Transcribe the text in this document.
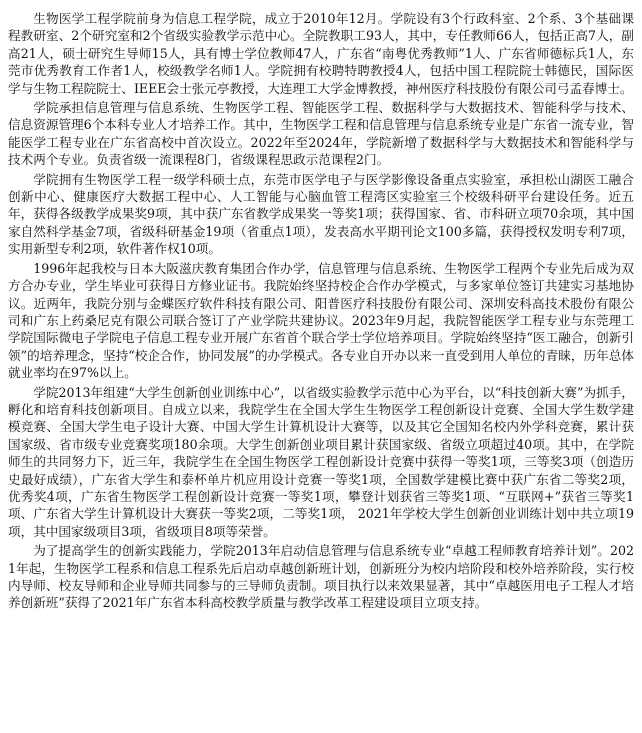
生物医学工程学院前身为信息工程学院，成立于2010年12月。学院设有3个行政科室、2个系、3个基础课程教研室、2个研究室和2个省级实验教学示范中心。全院教职工93人，其中，专任教师66人，包括正高7人，副高21人，硕士研究生导师15人，具有博士学位教师47人，广东省“南粤优秀教师”1人、广东省师德标兵1人，东莞市优秀教育工作者1人，校级教学名师1人。学院拥有校聘特聘教授4人，包括中国工程院院士韩德民，国际医学与生物工程院院士、IEEE会士张元亭教授，大连理工大学金博教授，神州医疗科技股份有限公司弓孟春博士。

学院承担信息管理与信息系统、生物医学工程、智能医学工程、数据科学与大数据技术、智能科学与技术、信息资源管理6个本科专业人才培养工作。其中，生物医学工程和信息管理与信息系统专业是广东省一流专业，智能医学工程专业在广东省高校中首次设立。2022年至2024年，学院新增了数据科学与大数据技术和智能科学与技术两个专业。负责省级一流课程8门，省级课程思政示范课程2门。

学院拥有生物医学工程一级学科硕士点，东莞市医学电子与医学影像设备重点实验室，承担松山湖医工融合创新中心、健康医疗大数据工程中心、人工智能与心脑血管工程湾区实验室三个校级科研平台建设任务。近五年，获得各级教学成果奖9项，其中获广东省教学成果奖一等奖1项；获得国家、省、市科研立项70余项，其中国家自然科学基金7项，省级科研基金19项（省重点1项），发表高水平期刊论文100多篇，获得授权发明专利7项，实用新型专利2项，软件著作权10项。

1996年起我校与日本大阪滋庆教育集团合作办学，信息管理与信息系统、生物医学工程两个专业先后成为双方合办专业，学生毕业可获得日方修业证书。我院始终坚持校企合作办学模式，与多家单位签订共建实习基地协议。近两年，我院分别与金蝶医疗软件科技有限公司、阳普医疗科技股份有限公司、深圳安科高技术股份有限公司和广东上药桑尼克有限公司联合签订了产业学院共建协议。2023年9月起，我院智能医学工程专业与东莞理工学院国际微电子学院电子信息工程专业开展广东省首个联合学士学位培养项目。学院始终坚持“医工融合，创新引领”的培养理念，坚持“校企合作，协同发展”的办学模式。各专业自开办以来一直受到用人单位的青睐，历年总体就业率均在97%以上。

学院2013年组建“大学生创新创业训练中心”，以省级实验教学示范中心为平台，以“科技创新大赛”为抓手，孵化和培育科技创新项目。自成立以来，我院学生在全国大学生生物医学工程创新设计竞赛、全国大学生数学建模竞赛、全国大学生电子设计大赛、中国大学生计算机设计大赛等，以及其它全国知名校内外学科竞赛，累计获国家级、省市级专业竞赛奖项180余项。大学生创新创业项目累计获国家级、省级立项超过40项。其中，在学院师生的共同努力下，近三年，我院学生在全国生物医学工程创新设计竞赛中获得一等奖1项，三等奖3项（创造历史最好成绩），广东省大学生和泰杯单片机应用设计竞赛一等奖1项，全国数学建模比赛中获广东省二等奖2项，优秀奖4项，广东省生物医学工程创新设计竞赛一等奖1项，攀登计划获省三等奖1项、“互联网+”获省三等奖1项、广东省大学生计算机设计大赛获一等奖2项，二等奖1项， 2021年学校大学生创新创业训练计划中共立项19项，其中国家级项目3项，省级项目8项等荣誉。

为了提高学生的创新实践能力，学院2013年启动信息管理与信息系统专业“卓越工程师教育培养计划”。2021年起，生物医学工程系和信息工程系先后启动卓越创新班计划，创新班分为校内培阶段和校外培养阶段，实行校内导师、校友导师和企业导师共同参与的三导师负责制。项目执行以来效果显著，其中“卓越医用电子工程人才培养创新班”获得了2021年广东省本科高校教学质量与教学改革工程建设项目立项支持。
